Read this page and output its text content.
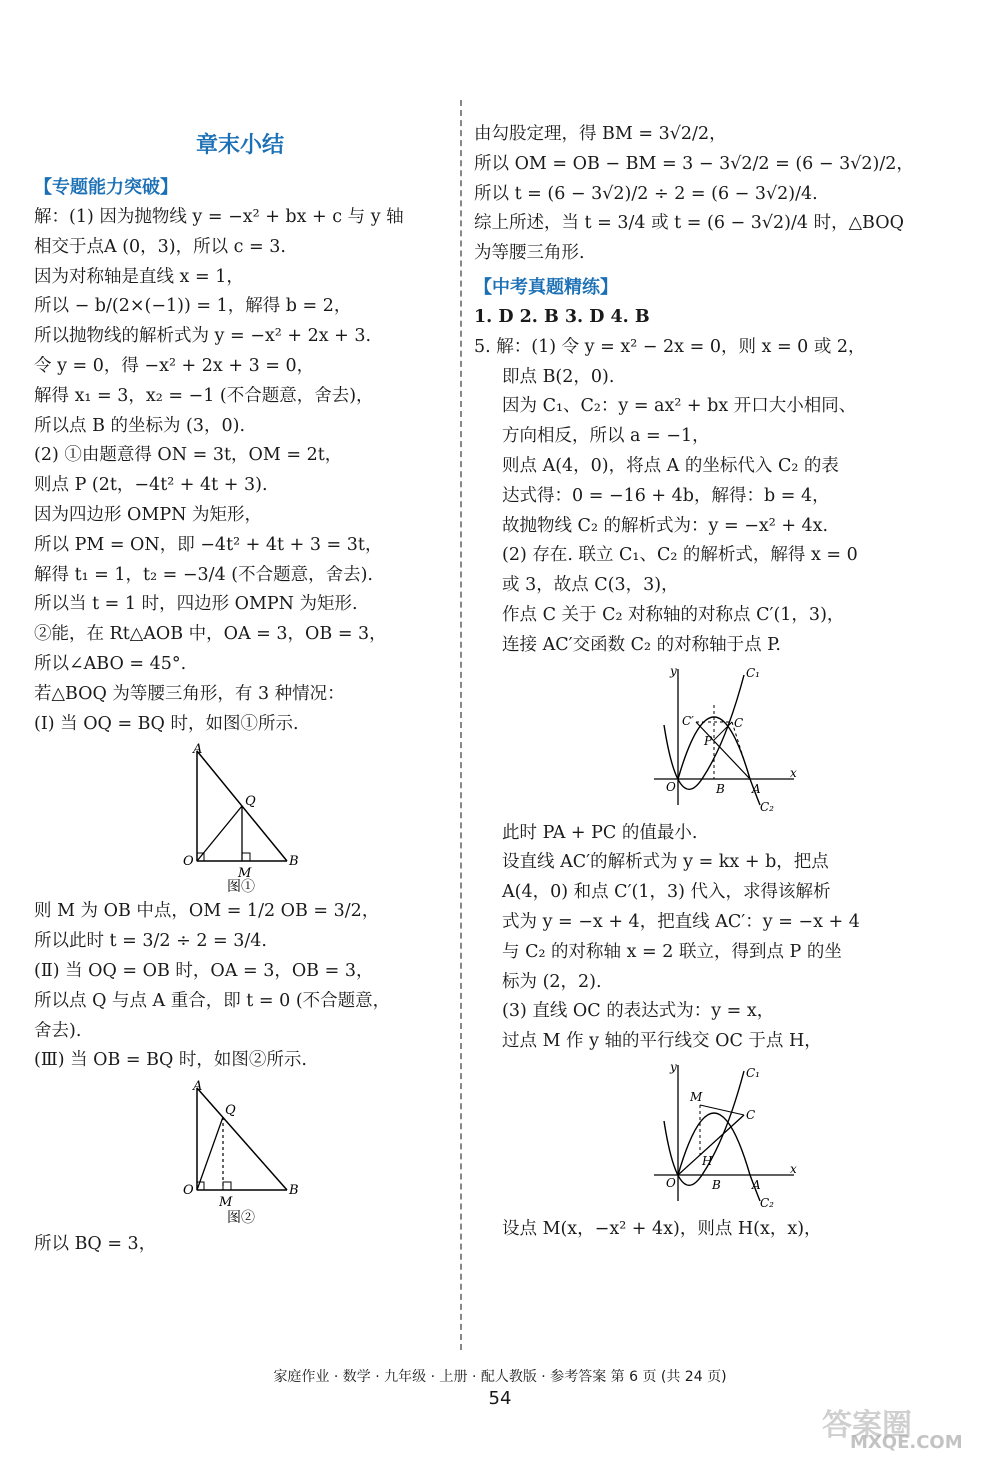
章末小结
【专题能力突破】
解：(1) 因为抛物线 y = −x² + bx + c 与 y 轴
相交于点A (0，3)，所以 c = 3.
因为对称轴是直线 x = 1，
所以 − b/(2×(−1)) = 1，解得 b = 2，
所以抛物线的解析式为 y = −x² + 2x + 3.
令 y = 0，得 −x² + 2x + 3 = 0，
解得 x₁ = 3，x₂ = −1 (不合题意，舍去)，
所以点 B 的坐标为 (3，0).
(2) ①由题意得 ON = 3t，OM = 2t，
则点 P (2t，−4t² + 4t + 3).
因为四边形 OMPN 为矩形，
所以 PM = ON，即 −4t² + 4t + 3 = 3t，
解得 t₁ = 1，t₂ = −3/4 (不合题意，舍去).
所以当 t = 1 时，四边形 OMPN 为矩形.
②能，在 Rt△AOB 中，OA = 3，OB = 3，
所以∠ABO = 45°.
若△BOQ 为等腰三角形，有 3 种情况：
(Ⅰ) 当 OQ = BQ 时，如图①所示.
A
Q
O
M
B
图①
则 M 为 OB 中点，OM = 1/2 OB = 3/2，
所以此时 t = 3/2 ÷ 2 = 3/4.
(Ⅱ) 当 OQ = OB 时，OA = 3，OB = 3，
所以点 Q 与点 A 重合，即 t = 0 (不合题意，
舍去).
(Ⅲ) 当 OB = BQ 时，如图②所示.
A
Q
O
M
B
图②
所以 BQ = 3，
由勾股定理，得 BM = 3√2/2，
所以 OM = OB − BM = 3 − 3√2/2 = (6 − 3√2)/2，
所以 t = (6 − 3√2)/2 ÷ 2 = (6 − 3√2)/4.
综上所述，当 t = 3/4 或 t = (6 − 3√2)/4 时，△BOQ
为等腰三角形.
【中考真题精练】
1. D 2. B 3. D 4. B
5. 解：(1) 令 y = x² − 2x = 0，则 x = 0 或 2，
即点 B(2，0).
因为 C₁、C₂：y = ax² + bx 开口大小相同、
方向相反，所以 a = −1，
则点 A(4，0)，将点 A 的坐标代入 C₂ 的表
达式得：0 = −16 + 4b，解得：b = 4，
故抛物线 C₂ 的解析式为：y = −x² + 4x.
(2) 存在. 联立 C₁、C₂ 的解析式，解得 x = 0
或 3，故点 C(3，3)，
作点 C 关于 C₂ 对称轴的对称点 C′(1，3)，
连接 AC′交函数 C₂ 的对称轴于点 P.
y
x
C₁
C₂
C
C′
P
O	B A
此时 PA + PC 的值最小.
设直线 AC′的解析式为 y = kx + b，把点
A(4，0) 和点 C′(1，3) 代入，求得该解析
式为 y = −x + 4，把直线 AC′：y = −x + 4
与 C₂ 的对称轴 x = 2 联立，得到点 P 的坐
标为 (2，2).
(3) 直线 OC 的表达式为：y = x，
过点 M 作 y 轴的平行线交 OC 于点 H，
y
x
C₁
C₂
C
M
H
O	B	A
设点 M(x，−x² + 4x)，则点 H(x，x)，
家庭作业 · 数学 · 九年级 · 上册 · 配人教版 · 参考答案 第 6 页 (共 24 页)
54
答案圈
MXQE.COM
